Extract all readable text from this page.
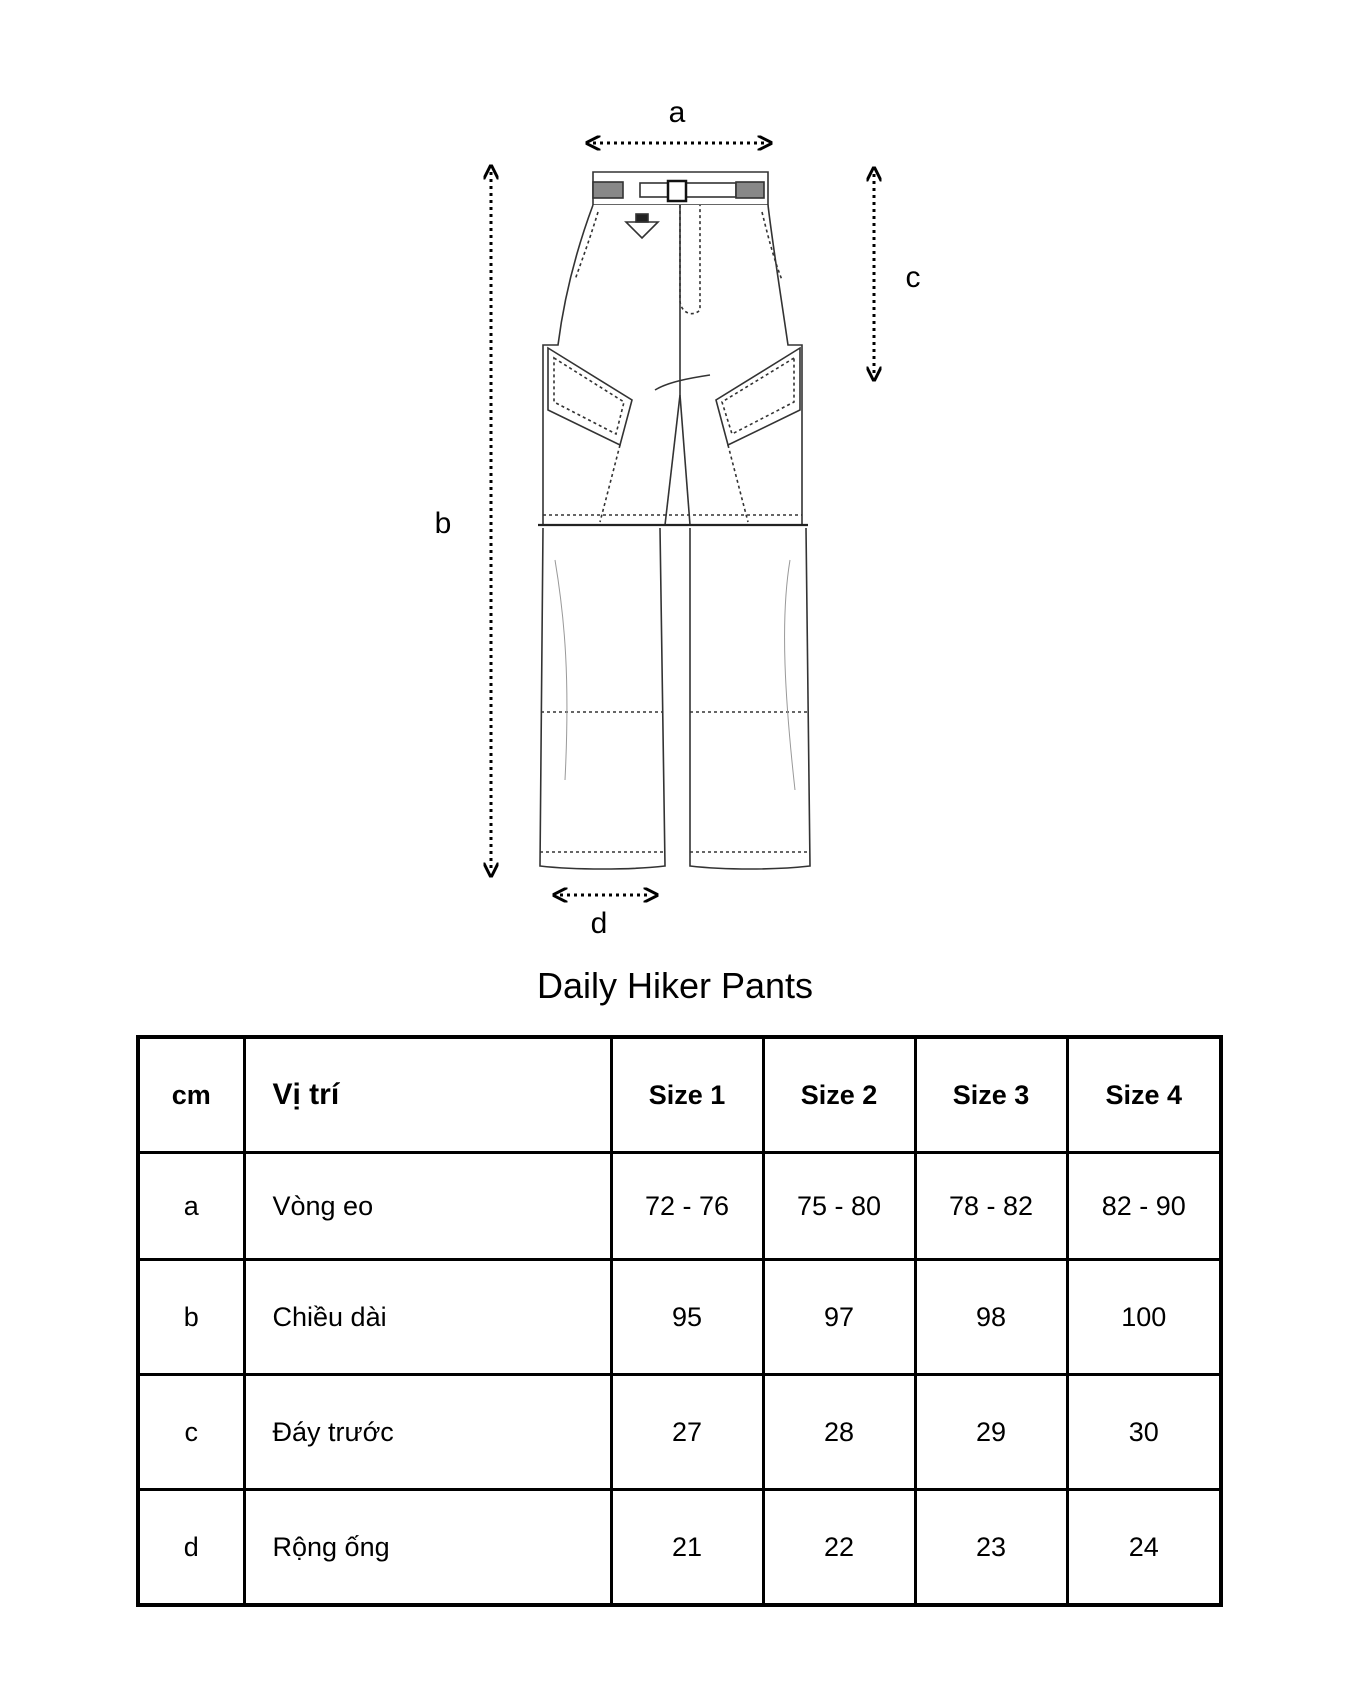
a
b
c
d
Daily Hiker Pants
cm	Vị trí	Size 1	Size 2	Size 3	Size 4
a	Vòng eo	72 - 76	75 - 80	78 - 82	82 - 90
b	Chiều dài	95	97	98	100
c	Đáy trước	27	28	29	30
d	Rộng ống	21	22	23	24
